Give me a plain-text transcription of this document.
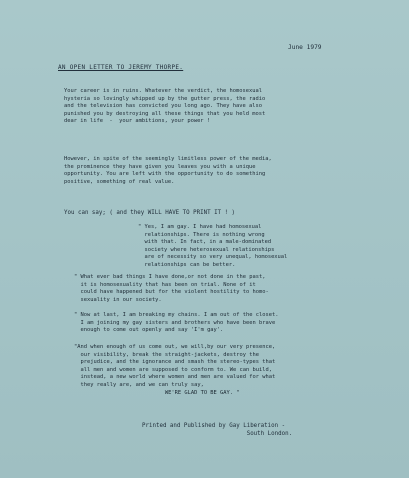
June 1979
AN OPEN LETTER TO JEREMY THORPE.
Your career is in ruins. Whatever the verdict, the homosexual
hysteria so lovingly whipped up by the gutter press, the radio
and the television has convicted you long ago. They have also
punished you by destroying all these things that you held most
dear in life  -  your ambitions, your power !
However, in spite of the seemingly limitless power of the media,
the prominence they have given you leaves you with a unique
opportunity. You are left with the opportunity to do something
positive, something of real value.
You can say; ( and they WILL HAVE TO PRINT IT ! )
" Yes, I am gay. I have had homosexual
relationships. There is nothing wrong
with that. In fact, in a male-dominated
society where heterosexual relationships
are of necessity so very unequal, homosexual
relationships can be better.
" What ever bad things I have done,or not done in the past,
it is homosexuality that has been on trial. None of it
could have happened but for the violent hostility to homo-
sexuality in our society.
" Now at last, I am breaking my chains. I am out of the closet.
I am joining my gay sisters and brothers who have been brave
enough to come out openly and say 'I'm gay'.
"And when enough of us come out, we will,by our very presence,
our visibility, break the straight-jackets, destroy the
prejudice, and the ignorance and smash the stereo-types that
all men and women are supposed to conform to. We can build,
instead, a new world where women and men are valued for what
they really are, and we can truly say,
WE'RE GLAD TO BE GAY. "
Printed and Published by Gay Liberation -
South London.
